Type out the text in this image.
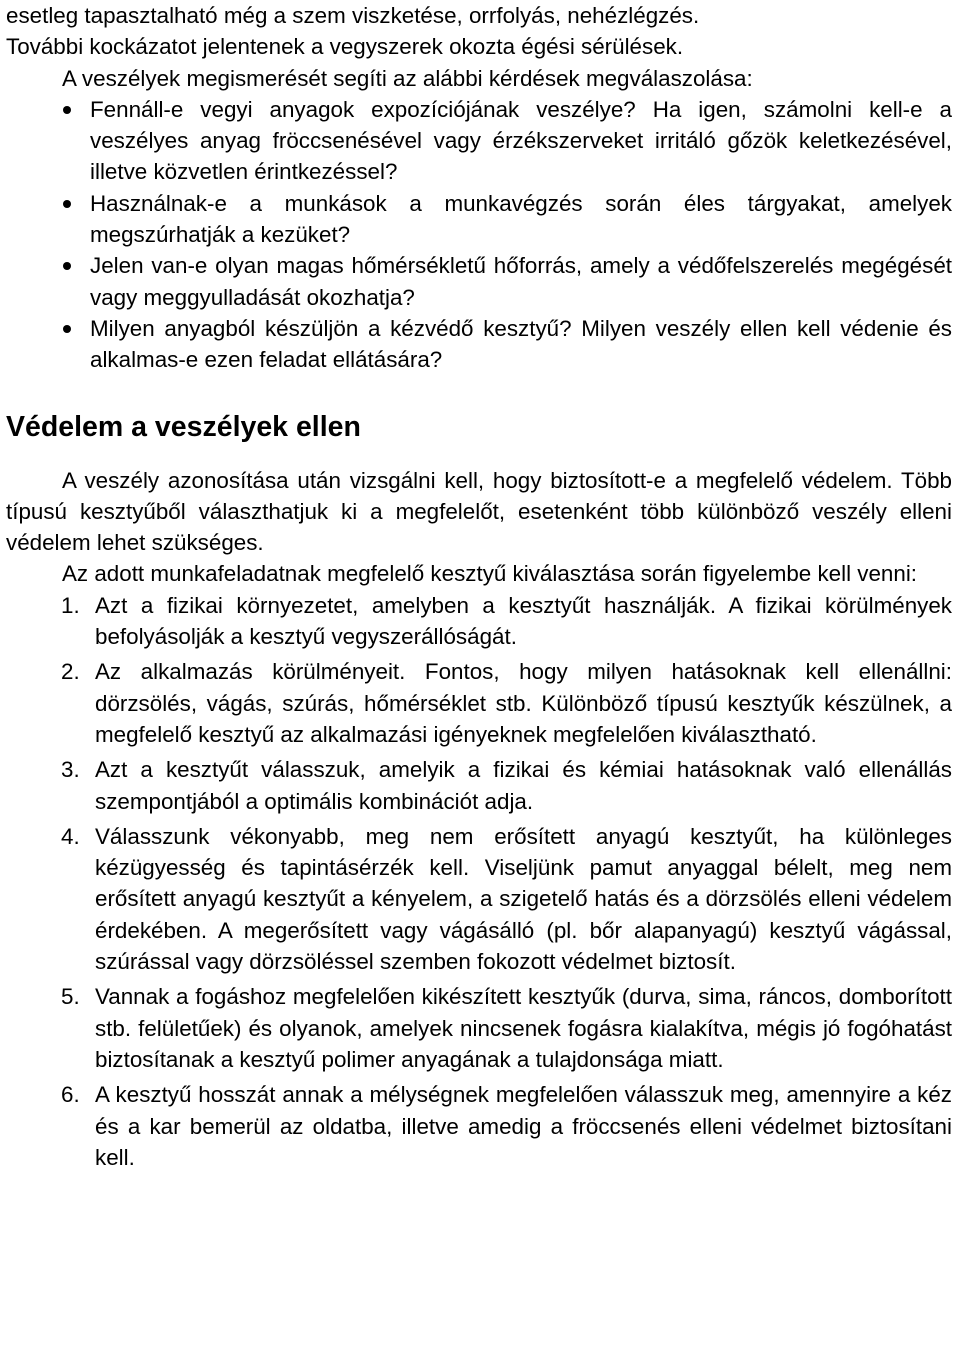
esetleg tapasztalható még a szem viszketése, orrfolyás, nehézlégzés.

További kockázatot jelentenek a vegyszerek okozta égési sérülések.

A veszélyek megismerését segíti az alábbi kérdések megválaszolása:

Fennáll-e vegyi anyagok expozíciójának veszélye? Ha igen, számolni kell-e a veszélyes anyag fröccsenésével vagy érzékszerveket irritáló gőzök keletkezésével, illetve közvetlen érintkezéssel?
Használnak-e a munkások a munkavégzés során éles tárgyakat, amelyek megszúrhatják a kezüket?
Jelen van-e olyan magas hőmérsékletű hőforrás, amely a védőfelszerelés megégését vagy meggyulladását okozhatja?
Milyen anyagból készüljön a kézvédő kesztyű? Milyen veszély ellen kell védenie és alkalmas-e ezen feladat ellátására?
Védelem a veszélyek ellen

A veszély azonosítása után vizsgálni kell, hogy biztosított-e a megfelelő védelem. Több típusú kesztyűből választhatjuk ki a megfelelőt, esetenként több különböző veszély elleni védelem lehet szükséges.

Az adott munkafeladatnak megfelelő kesztyű kiválasztása során figyelembe kell venni:

1. Azt a fizikai környezetet, amelyben a kesztyűt használják. A fizikai körülmények befolyásolják a kesztyű vegyszerállóságát.
2. Az alkalmazás körülményeit. Fontos, hogy milyen hatásoknak kell ellenállni: dörzsölés, vágás, szúrás, hőmérséklet stb. Különböző típusú kesztyűk készülnek, a megfelelő kesztyű az alkalmazási igényeknek megfelelően kiválasztható.
3. Azt a kesztyűt válasszuk, amelyik a fizikai és kémiai hatásoknak való ellenállás szempontjából a optimális kombinációt adja.
4. Válasszunk vékonyabb, meg nem erősített anyagú kesztyűt, ha különleges kézügyesség és tapintásérzék kell. Viseljünk pamut anyaggal bélelt, meg nem erősített anyagú kesztyűt a kényelem, a szigetelő hatás és a dörzsölés elleni védelem érdekében. A megerősített vagy vágásálló (pl. bőr alapanyagú) kesztyű vágással, szúrással vagy dörzsöléssel szemben fokozott védelmet biztosít.
5. Vannak a fogáshoz megfelelően kikészített kesztyűk (durva, sima, ráncos, domborított stb. felületűek) és olyanok, amelyek nincsenek fogásra kialakítva, mégis jó fogóhatást biztosítanak a kesztyű polimer anyagának a tulajdonsága miatt.
6. A kesztyű hosszát annak a mélységnek megfelelően válasszuk meg, amennyire a kéz és a kar bemerül az oldatba, illetve amedig a fröccsenés elleni védelmet biztosítani kell.
